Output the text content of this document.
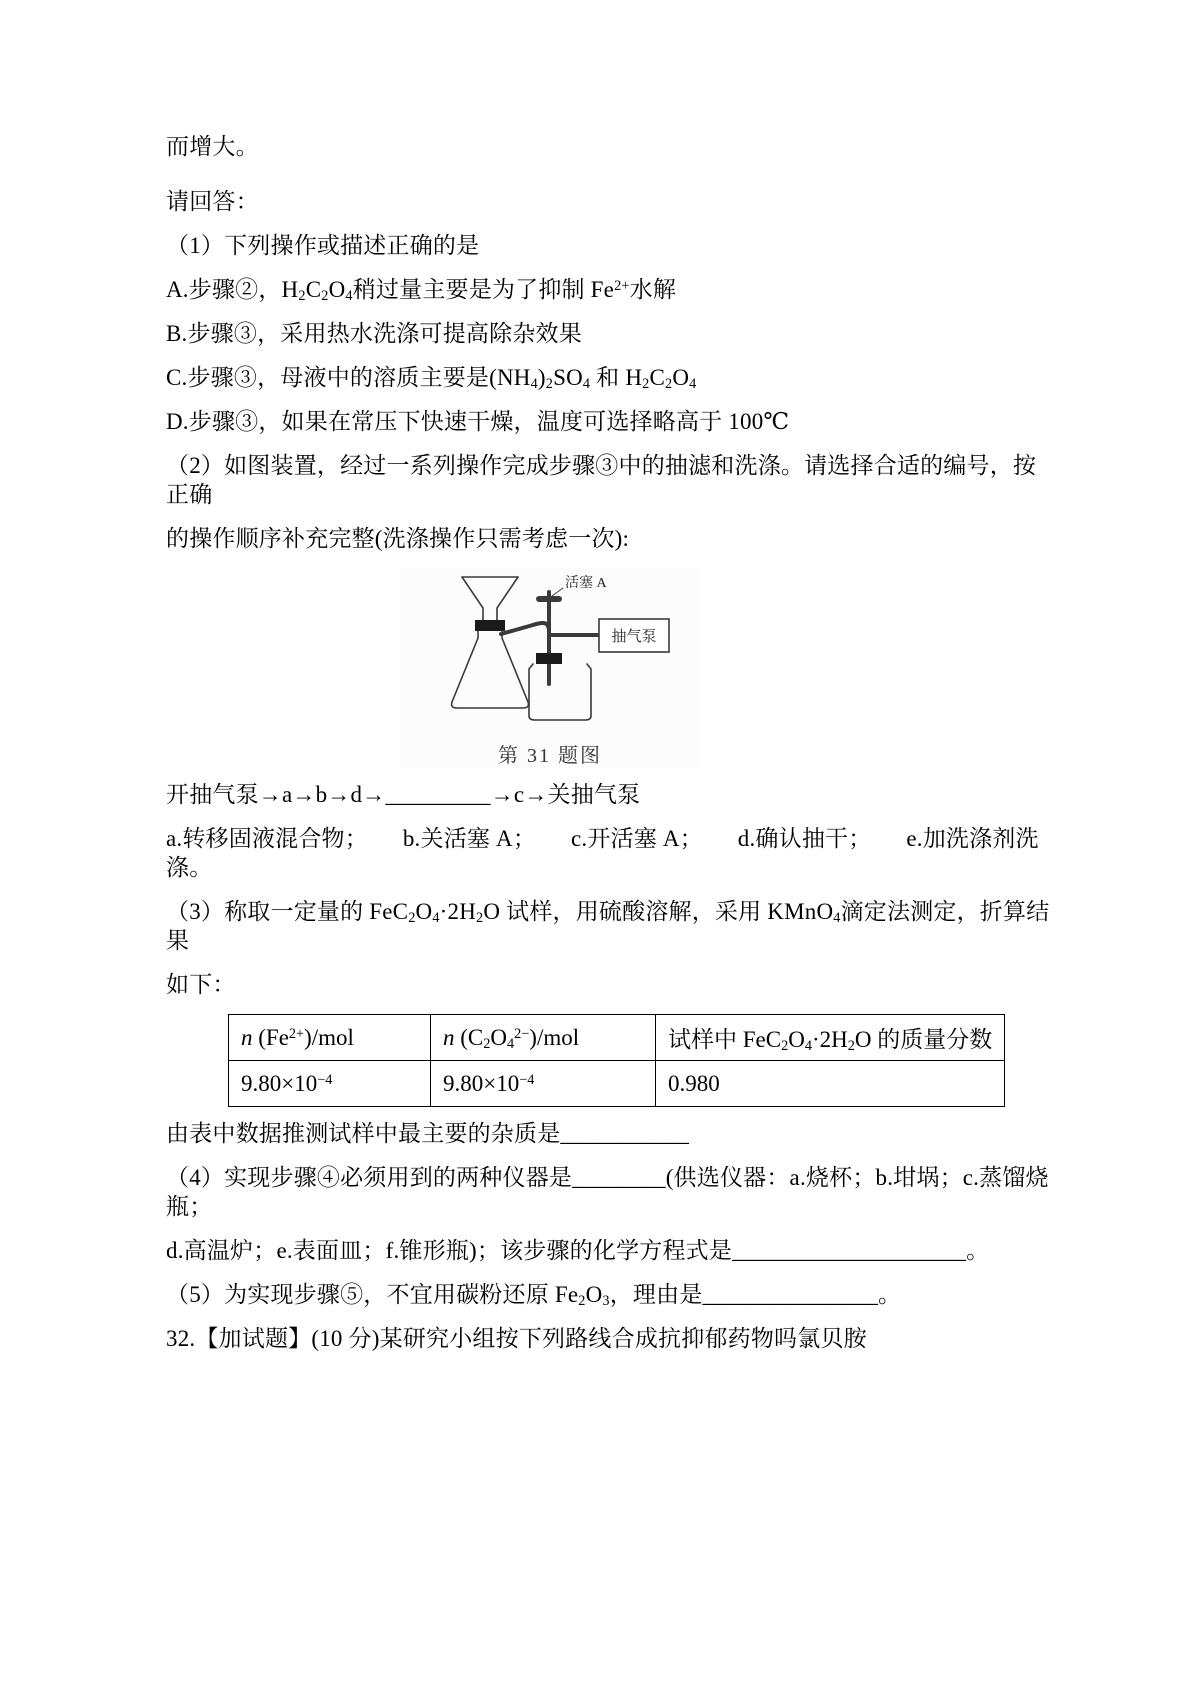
而增大。

请回答：

（1）下列操作或描述正确的是

A.步骤②，$H_2C_2O_4$稍过量主要是为了抑制 $Fe^{2+}$水解

B.步骤③，采用热水洗涤可提高除杂效果

C.步骤③，母液中的溶质主要是$(NH_4)_2SO_4$ 和 $H_2C_2O_4$

D.步骤③，如果在常压下快速干燥，温度可选择略高于 100℃

（2）如图装置，经过一系列操作完成步骤③中的抽滤和洗涤。请选择合适的编号，按正确

的操作顺序补充完整(洗涤操作只需考虑一次):

活塞 A
抽气泵
第 31 题图

开抽气泵→a→b→d→_________→c→关抽气泵

a.转移固液混合物；　　b.关活塞 A；　　c.开活塞 A；　　d.确认抽干；　　e.加洗涤剂洗涤。

（3）称取一定量的 $FeC_2O_4\cdot 2H_2O$ 试样，用硫酸溶解，采用 KMnO$_4$滴定法测定，折算结果

如下：

n $(Fe^{2+})$/mol	n $(C_2O_4^{2-})$/mol	试样中 $FeC_2O_4\cdot 2H_2O$ 的质量分数
$9.80\times 10^{-4}$	$9.80\times 10^{-4}$	0.980

由表中数据推测试样中最主要的杂质是___________

（4）实现步骤④必须用到的两种仪器是________(供选仪器：a.烧杯；b.坩埚；c.蒸馏烧瓶；

d.高温炉；e.表面皿；f.锥形瓶)；该步骤的化学方程式是____________________。

（5）为实现步骤⑤，不宜用碳粉还原 $Fe_2O_3$，理由是_______________。

32.【加试题】(10 分)某研究小组按下列路线合成抗抑郁药物吗氯贝胺
